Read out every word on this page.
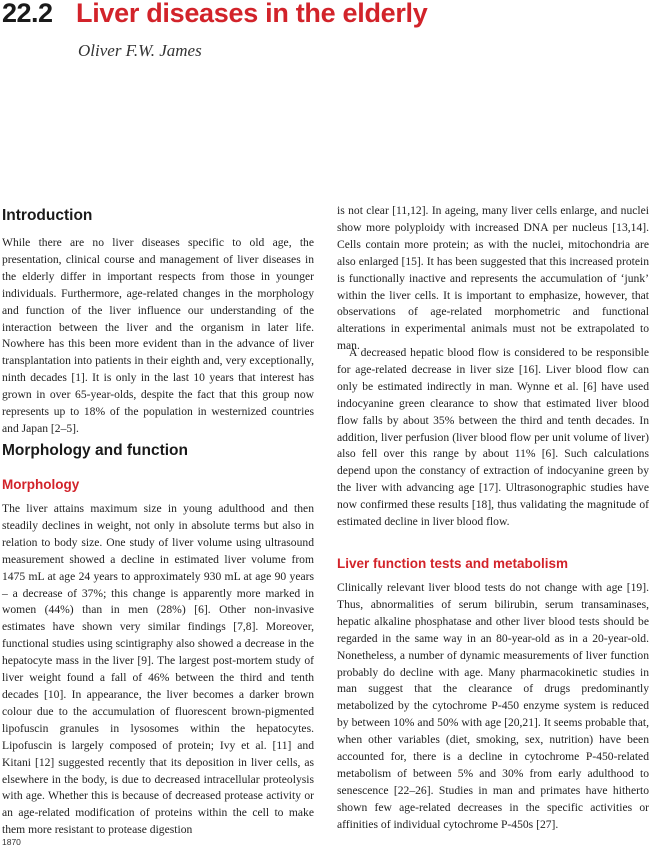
22.2 Liver diseases in the elderly
Oliver F.W. James
Introduction

While there are no liver diseases specific to old age, the presentation, clinical course and management of liver diseases in the elderly differ in important respects from those in younger individuals. Furthermore, age-related changes in the morphology and function of the liver influence our understanding of the interaction between the liver and the organism in later life. Nowhere has this been more evident than in the advance of liver transplantation into patients in their eighth and, very exceptionally, ninth decades [1]. It is only in the last 10 years that interest has grown in over 65-year-olds, despite the fact that this group now represents up to 18% of the population in westernized countries and Japan [2–5].

Morphology and function
Morphology

The liver attains maximum size in young adulthood and then steadily declines in weight, not only in absolute terms but also in relation to body size. One study of liver volume using ultrasound measurement showed a decline in estimated liver volume from 1475 mL at age 24 years to approximately 930 mL at age 90 years – a decrease of 37%; this change is apparently more marked in women (44%) than in men (28%) [6]. Other non-invasive estimates have shown very similar findings [7,8]. Moreover, functional studies using scintigraphy also showed a decrease in the hepatocyte mass in the liver [9]. The largest post-mortem study of liver weight found a fall of 46% between the third and tenth decades [10]. In appearance, the liver becomes a darker brown colour due to the accumulation of fluorescent brown-pigmented lipofuscin granules in lysosomes within the hepatocytes. Lipofuscin is largely composed of protein; Ivy et al. [11] and Kitani [12] suggested recently that its deposition in liver cells, as elsewhere in the body, is due to decreased intracellular proteolysis with age. Whether this is because of decreased protease activity or an age-related modification of proteins within the cell to make them more resistant to protease digestion

is not clear [11,12]. In ageing, many liver cells enlarge, and nuclei show more polyploidy with increased DNA per nucleus [13,14]. Cells contain more protein; as with the nuclei, mitochondria are also enlarged [15]. It has been suggested that this increased protein is functionally inactive and represents the accumulation of ‘junk’ within the liver cells. It is important to emphasize, however, that observations of age-related morphometric and functional alterations in experimental animals must not be extrapolated to man.

A decreased hepatic blood flow is considered to be responsible for age-related decrease in liver size [16]. Liver blood flow can only be estimated indirectly in man. Wynne et al. [6] have used indocyanine green clearance to show that estimated liver blood flow falls by about 35% between the third and tenth decades. In addition, liver perfusion (liver blood flow per unit volume of liver) also fell over this range by about 11% [6]. Such calculations depend upon the constancy of extraction of indocyanine green by the liver with advancing age [17]. Ultrasonographic studies have now confirmed these results [18], thus validating the magnitude of estimated decline in liver blood flow.

Liver function tests and metabolism

Clinically relevant liver blood tests do not change with age [19]. Thus, abnormalities of serum bilirubin, serum transaminases, hepatic alkaline phosphatase and other liver blood tests should be regarded in the same way in an 80-year-old as in a 20-year-old. Nonetheless, a number of dynamic measurements of liver function probably do decline with age. Many pharmacokinetic studies in man suggest that the clearance of drugs predominantly metabolized by the cytochrome P-450 enzyme system is reduced by between 10% and 50% with age [20,21]. It seems probable that, when other variables (diet, smoking, sex, nutrition) have been accounted for, there is a decline in cytochrome P-450-related metabolism of between 5% and 30% from early adulthood to senescence [22–26]. Studies in man and primates have hitherto shown few age-related decreases in the specific activities or affinities of individual cytochrome P-450s [27].

1870
